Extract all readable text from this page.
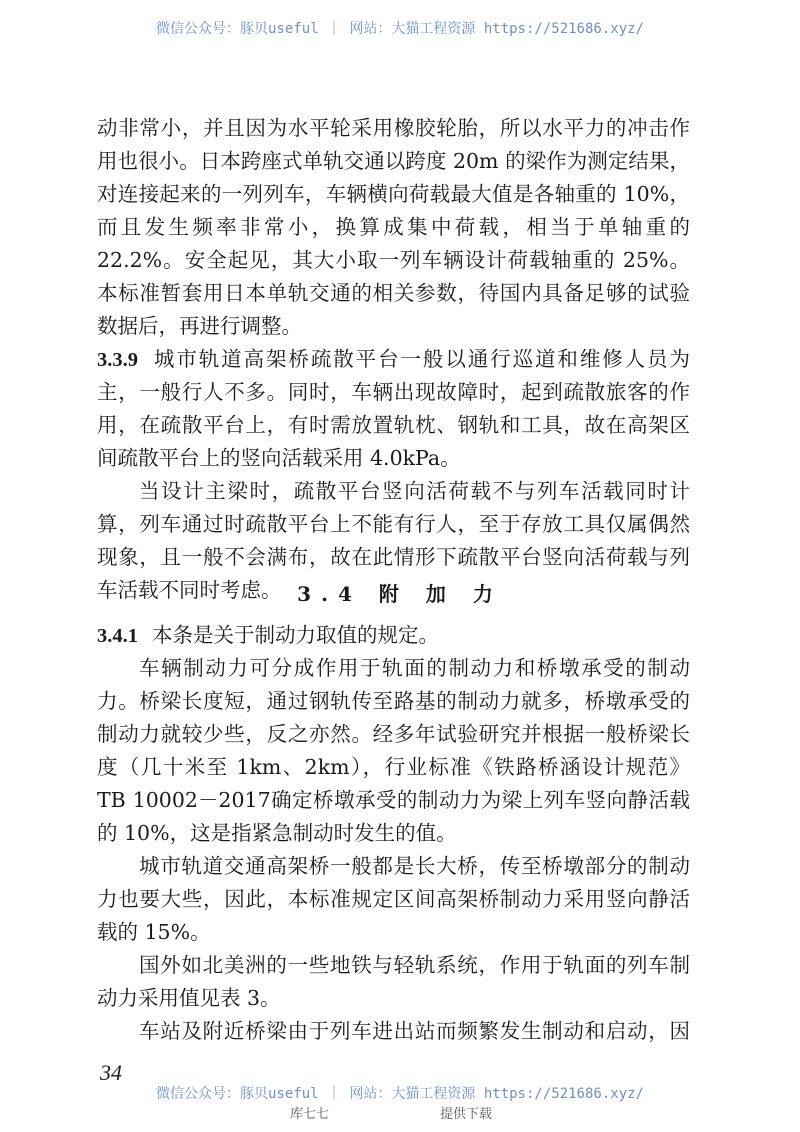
微信公众号：豚贝useful ｜ 网站：大猫工程资源 https://521686.xyz/
动非常小，并且因为水平轮采用橡胶轮胎，所以水平力的冲击作
用也很小。日本跨座式单轨交通以跨度 20m 的梁作为测定结果，
对连接起来的一列列车，车辆横向荷载最大值是各轴重的 10%，
而且发生频率非常小，换算成集中荷载，相当于单轴重的
22.2%。安全起见，其大小取一列车辆设计荷载轴重的 25%。
本标准暂套用日本单轨交通的相关参数，待国内具备足够的试验
数据后，再进行调整。
3.3.9 城市轨道高架桥疏散平台一般以通行巡道和维修人员为
主，一般行人不多。同时，车辆出现故障时，起到疏散旅客的作
用，在疏散平台上，有时需放置轨枕、钢轨和工具，故在高架区
间疏散平台上的竖向活载采用 4.0kPa。
当设计主梁时，疏散平台竖向活荷载不与列车活载同时计
算，列车通过时疏散平台上不能有行人，至于存放工具仅属偶然
现象，且一般不会满布，故在此情形下疏散平台竖向活荷载与列
车活载不同时考虑。 3.4 附 加 力
3.4.1 本条是关于制动力取值的规定。
车辆制动力可分成作用于轨面的制动力和桥墩承受的制动
力。桥梁长度短，通过钢轨传至路基的制动力就多，桥墩承受的
制动力就较少些，反之亦然。经多年试验研究并根据一般桥梁长
度（几十米至 1km、2km），行业标准《铁路桥涵设计规范》
TB 10002－2017确定桥墩承受的制动力为梁上列车竖向静活载
的 10%，这是指紧急制动时发生的值。
城市轨道交通高架桥一般都是长大桥，传至桥墩部分的制动
力也要大些，因此，本标准规定区间高架桥制动力采用竖向静活
载的 15%。
国外如北美洲的一些地铁与轻轨系统，作用于轨面的列车制
动力采用值见表 3。
车站及附近桥梁由于列车进出站而频繁发生制动和启动，因
34
微信公众号：豚贝useful ｜ 网站：大猫工程资源 https://521686.xyz/
库七七	提供下载
